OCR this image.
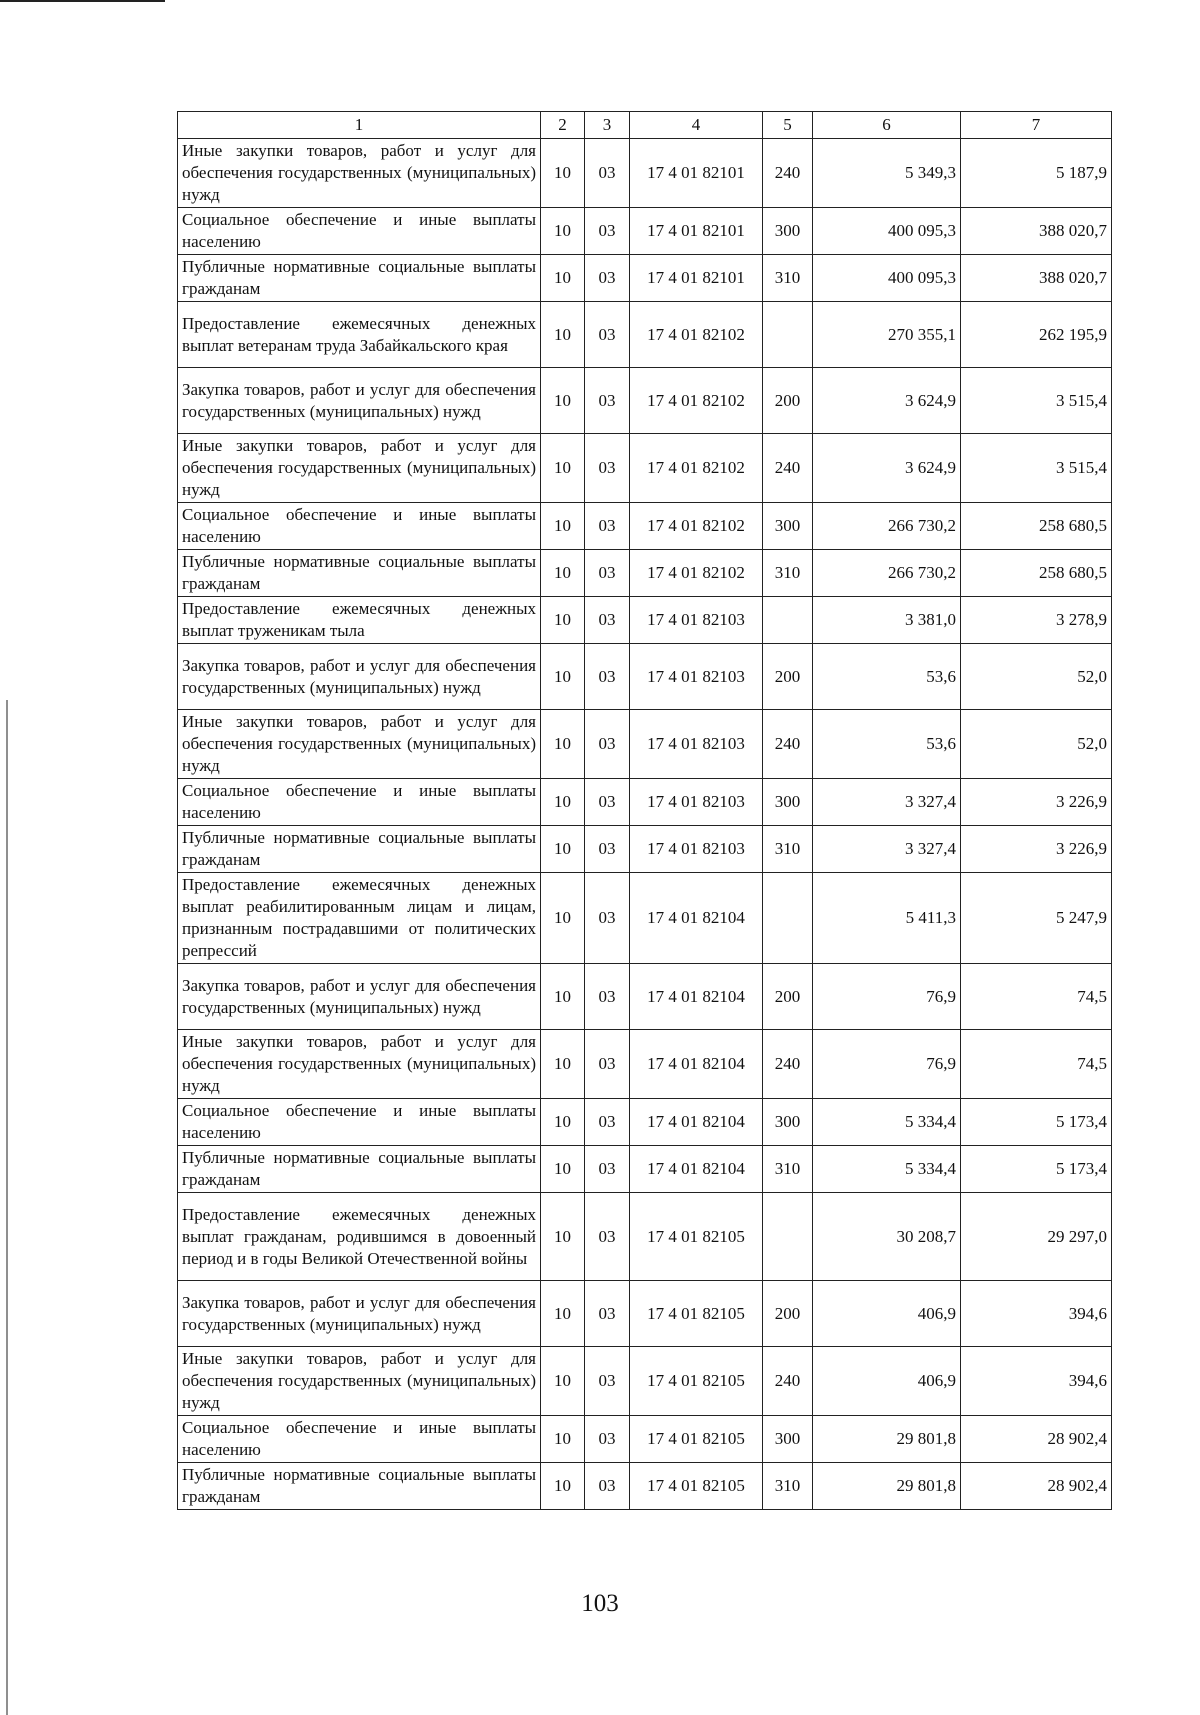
1	2	3	4	5	6	7
Иные закупки товаров, работ и услуг для обеспечения государственных (муниципальных) нужд	10	03	17 4 01 82101	240	5 349,3	5 187,9
Социальное обеспечение и иные выплаты населению	10	03	17 4 01 82101	300	400 095,3	388 020,7
Публичные нормативные социальные выплаты гражданам	10	03	17 4 01 82101	310	400 095,3	388 020,7
Предоставление ежемесячных денежных выплат ветеранам труда Забайкальского края	10	03	17 4 01 82102		270 355,1	262 195,9
Закупка товаров, работ и услуг для обеспечения государственных (муниципальных) нужд	10	03	17 4 01 82102	200	3 624,9	3 515,4
Иные закупки товаров, работ и услуг для обеспечения государственных (муниципальных) нужд	10	03	17 4 01 82102	240	3 624,9	3 515,4
Социальное обеспечение и иные выплаты населению	10	03	17 4 01 82102	300	266 730,2	258 680,5
Публичные нормативные социальные выплаты гражданам	10	03	17 4 01 82102	310	266 730,2	258 680,5
Предоставление ежемесячных денежных выплат труженикам тыла	10	03	17 4 01 82103		3 381,0	3 278,9
Закупка товаров, работ и услуг для обеспечения государственных (муниципальных) нужд	10	03	17 4 01 82103	200	53,6	52,0
Иные закупки товаров, работ и услуг для обеспечения государственных (муниципальных) нужд	10	03	17 4 01 82103	240	53,6	52,0
Социальное обеспечение и иные выплаты населению	10	03	17 4 01 82103	300	3 327,4	3 226,9
Публичные нормативные социальные выплаты гражданам	10	03	17 4 01 82103	310	3 327,4	3 226,9
Предоставление ежемесячных денежных выплат реабилитированным лицам и лицам, признанным пострадавшими от политических репрессий	10	03	17 4 01 82104		5 411,3	5 247,9
Закупка товаров, работ и услуг для обеспечения государственных (муниципальных) нужд	10	03	17 4 01 82104	200	76,9	74,5
Иные закупки товаров, работ и услуг для обеспечения государственных (муниципальных) нужд	10	03	17 4 01 82104	240	76,9	74,5
Социальное обеспечение и иные выплаты населению	10	03	17 4 01 82104	300	5 334,4	5 173,4
Публичные нормативные социальные выплаты гражданам	10	03	17 4 01 82104	310	5 334,4	5 173,4
Предоставление ежемесячных денежных выплат гражданам, родившимся в довоенный период и в годы Великой Отечественной войны	10	03	17 4 01 82105		30 208,7	29 297,0
Закупка товаров, работ и услуг для обеспечения государственных (муниципальных) нужд	10	03	17 4 01 82105	200	406,9	394,6
Иные закупки товаров, работ и услуг для обеспечения государственных (муниципальных) нужд	10	03	17 4 01 82105	240	406,9	394,6
Социальное обеспечение и иные выплаты населению	10	03	17 4 01 82105	300	29 801,8	28 902,4
Публичные нормативные социальные выплаты гражданам	10	03	17 4 01 82105	310	29 801,8	28 902,4
103
